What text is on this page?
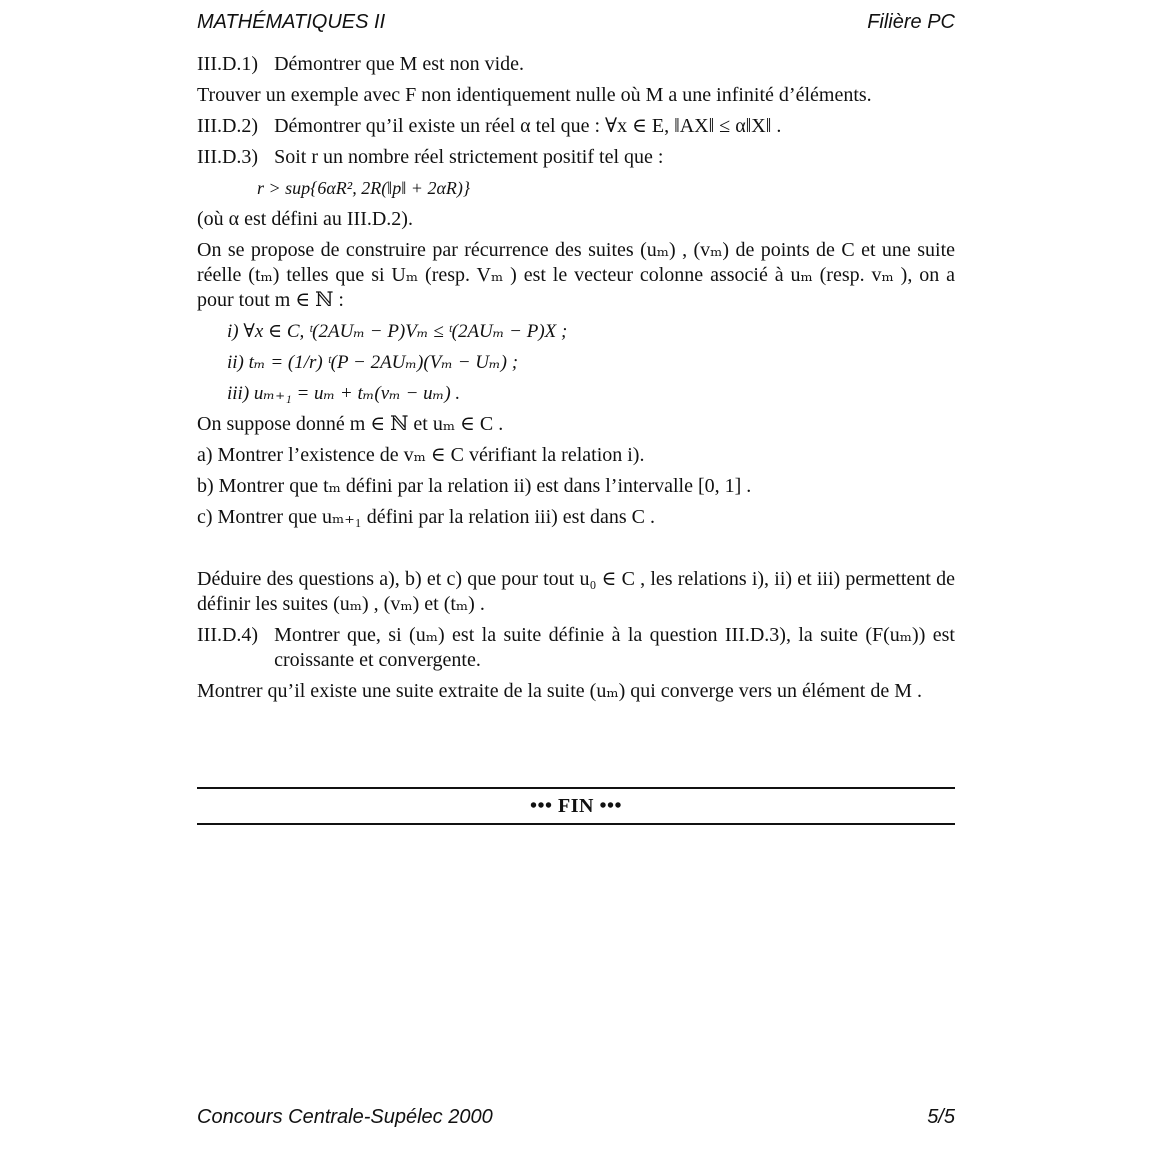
MATHÉMATIQUES II	Filière PC

III.D.1) Démontrer que M est non vide.

Trouver un exemple avec F non identiquement nulle où M a une infinité d’éléments.

III.D.2) Démontrer qu’il existe un réel α tel que : ∀x ∈ E, ‖AX‖ ≤ α‖X‖ .

III.D.3) Soit r un nombre réel strictement positif tel que :

r > sup{6αR², 2R(‖p‖ + 2αR)}

(où α est défini au III.D.2).

On se propose de construire par récurrence des suites (uₘ) , (vₘ) de points de C et une suite réelle (tₘ) telles que si Uₘ (resp. Vₘ ) est le vecteur colonne associé à uₘ (resp. vₘ ), on a pour tout m ∈ ℕ :

i) ∀x ∈ C, ᵗ(2AUₘ − P)Vₘ ≤ ᵗ(2AUₘ − P)X ;
ii) tₘ = (1/r) ᵗ(P − 2AUₘ)(Vₘ − Uₘ) ;
iii) uₘ₊₁ = uₘ + tₘ(vₘ − uₘ) .

On suppose donné m ∈ ℕ et uₘ ∈ C .

a) Montrer l’existence de vₘ ∈ C vérifiant la relation i).

b) Montrer que tₘ défini par la relation ii) est dans l’intervalle [0, 1] .

c) Montrer que uₘ₊₁ défini par la relation iii) est dans C .

Déduire des questions a), b) et c) que pour tout u₀ ∈ C , les relations i), ii) et iii) permettent de définir les suites (uₘ) , (vₘ) et (tₘ) .

III.D.4) Montrer que, si (uₘ) est la suite définie à la question III.D.3), la suite (F(uₘ)) est croissante et convergente.

Montrer qu’il existe une suite extraite de la suite (uₘ) qui converge vers un élément de M .

••• FIN •••
Concours Centrale-Supélec 2000	5/5
